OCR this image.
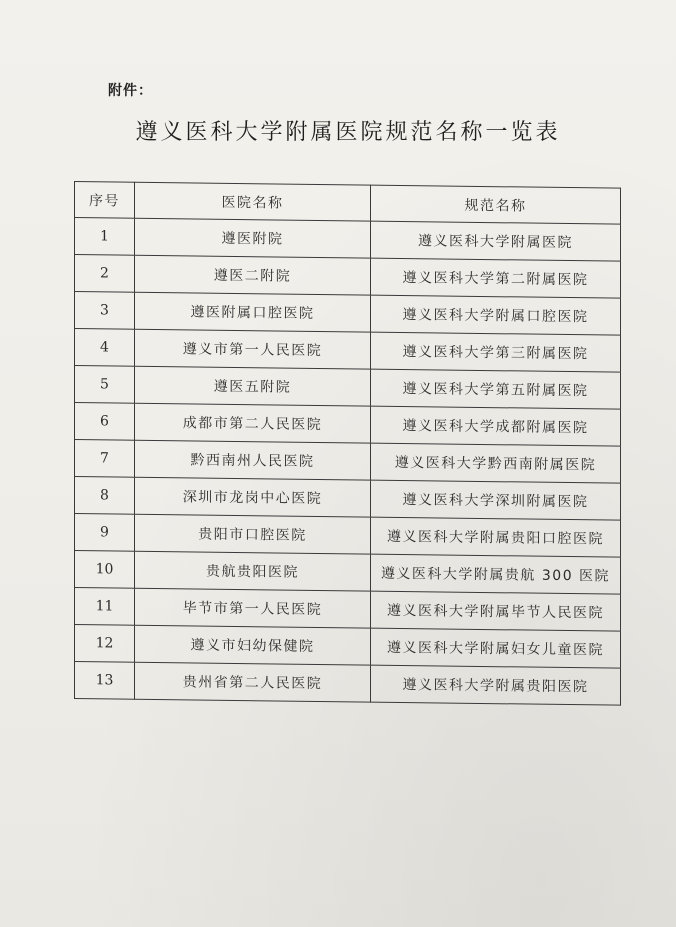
附件：
遵义医科大学附属医院规范名称一览表
序号	医院名称	规范名称
1	遵医附院	遵义医科大学附属医院
2	遵医二附院	遵义医科大学第二附属医院
3	遵医附属口腔医院	遵义医科大学附属口腔医院
4	遵义市第一人民医院	遵义医科大学第三附属医院
5	遵医五附院	遵义医科大学第五附属医院
6	成都市第二人民医院	遵义医科大学成都附属医院
7	黔西南州人民医院	遵义医科大学黔西南附属医院
8	深圳市龙岗中心医院	遵义医科大学深圳附属医院
9	贵阳市口腔医院	遵义医科大学附属贵阳口腔医院
10	贵航贵阳医院	遵义医科大学附属贵航 300 医院
11	毕节市第一人民医院	遵义医科大学附属毕节人民医院
12	遵义市妇幼保健院	遵义医科大学附属妇女儿童医院
13	贵州省第二人民医院	遵义医科大学附属贵阳医院
